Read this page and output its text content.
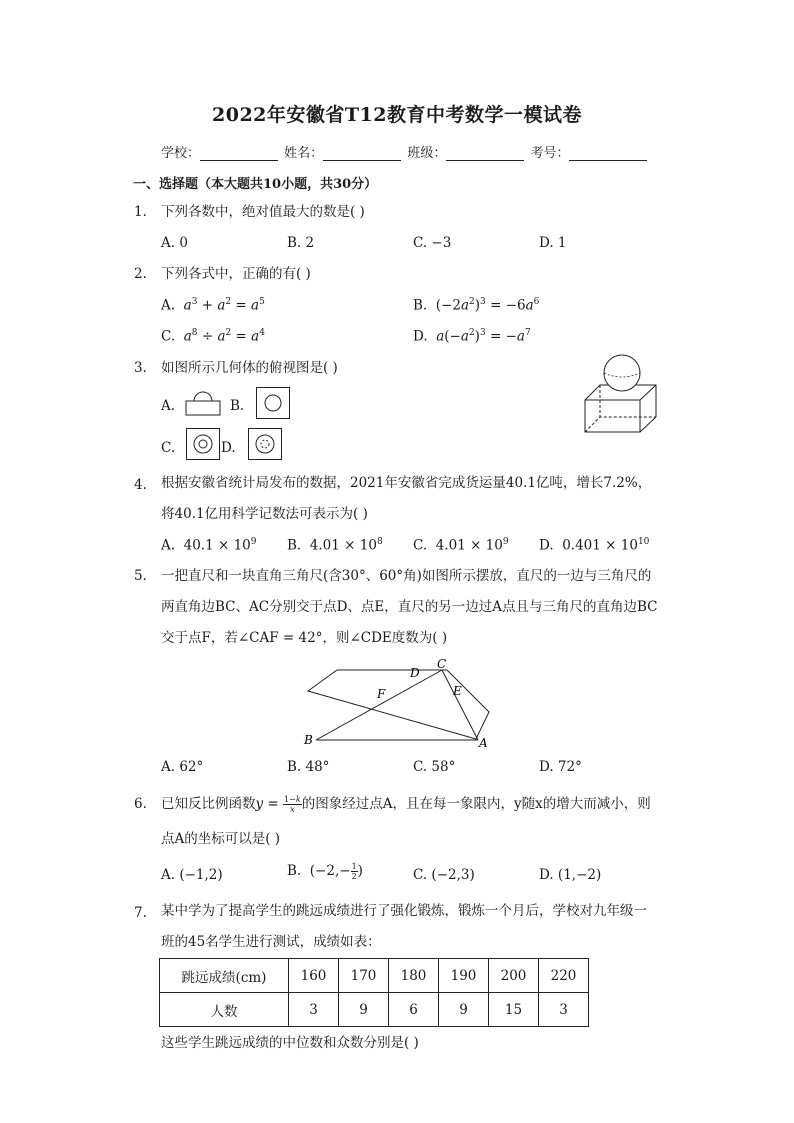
2022年安徽省T12教育中考数学一模试卷
学校：	姓名：	班级：	考号：
一、选择题（本大题共10小题，共30分）
1. 下列各数中，绝对值最大的数是( )
A. 0	B. 2	C. −3	D. 1
2. 下列各式中，正确的有( )
A.  $a^3 + a^2 = a^5$	B.  $(-2a^2)^3 = -6a^6$
C.  $a^8 \div a^2 = a^4$	D.  $a(-a^2)^3 = -a^7$
3. 如图所示几何体的俯视图是( )
A.	B.
C.	D.
4. 根据安徽省统计局发布的数据，2021年安徽省完成货运量40.1亿吨，增长7.2%，
将40.1亿用科学记数法可表示为( )
A.  $40.1 \times 10^9$ B.  $4.01 \times 10^8$ C.  $4.01 \times 10^9$ D.  $0.401 \times 10^{10}$
5. 一把直尺和一块直角三角尺(含30°、60°角)如图所示摆放，直尺的一边与三角尺的
两直角边BC、AC分别交于点D、点E，直尺的另一边过A点且与三角尺的直角边BC
交于点F，若∠CAF = 42°，则∠CDE度数为( )
B	A
C
D
E
F
A. 62°	B. 48°	C. 58°	D. 72°
6. 已知反比例函数$y = \frac{1-k}{x}$ 的图象经过点A，且在每一象限内，y随x的增大而减小，则
点A的坐标可以是( )
A. (−1,2)	B.  ($-2,- \frac{1}{2}$ )	C. (−2,3)	D. (1,−2)
7. 某中学为了提高学生的跳远成绩进行了强化锻炼，锻炼一个月后，学校对九年级一
班的45名学生进行测试，成绩如表：
跳远成绩(cm)	160	170	180	190	200	220
人数	3	9	6	9	15	3
这些学生跳远成绩的中位数和众数分别是( )
